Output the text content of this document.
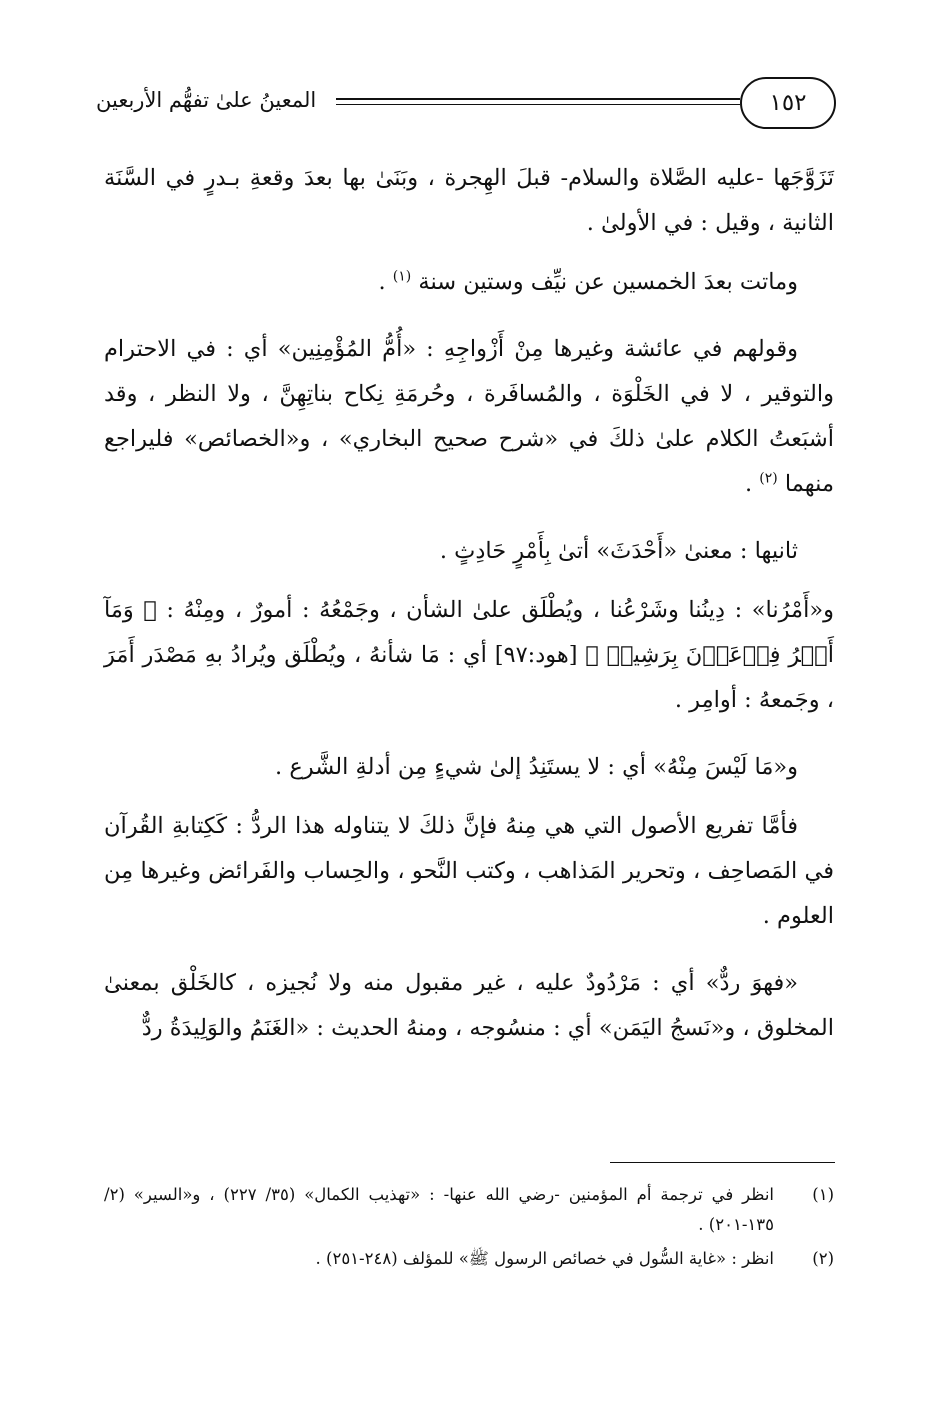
المعينُ علىٰ تفهُّم الأربعين	١٥٢

تَزَوَّجَها -عليه الصَّلاة والسلام- قبلَ الهِجرة ، وبَنَىٰ بها بعدَ وقعةِ بـدرٍ في السَّنَة الثانية ، وقيل : في الأولىٰ .

وماتت بعدَ الخمسين عن نيِّف وستين سنة $^{(١)}$ .

وقولهم في عائشة وغيرها مِنْ أَزْواجِهِ : «أُمُّ المُؤْمِنِين» أي : في الاحترام والتوقير ، لا في الخَلْوَة ، والمُسافَرة ، وحُرمَةِ نِكاح بناتِهِنَّ ، ولا النظر ، وقد أشبَعتُ الكلام علىٰ ذلكَ في «شرح صحيح البخاري» ، و«الخصائص» فليراجع منهما $^{(٢)}$ .

ثانيها : معنىٰ «أَحْدَثَ» أتىٰ بِأَمْرٍ حَادِثٍ .

و«أَمْرُنا» : دِينُنا وشَرْعُنا ، ويُطْلَق علىٰ الشأن ، وجَمْعُهُ : أمورٌ ، ومِنْهُ : ﴿ وَمَآ أَمۡرُ فِرۡعَوۡنَ بِرَشِيدٖ ﴾ [هود:٩٧] أي : مَا شأنهُ ، ويُطْلَق ويُرادُ بهِ مَصْدَر أَمَرَ ، وجَمعهُ : أوامِر .

و«مَا لَيْسَ مِنْهُ» أي : لا يستَنِدُ إلىٰ شيءٍ مِن أدلةِ الشَّرع .

فأمَّا تفريع الأصول التي هي مِنهُ فإنَّ ذلكَ لا يتناوله هذا الردُّ : كَكِتابةِ القُرآن في المَصاحِف ، وتحرير المَذاهب ، وكتب النَّحو ، والحِساب والفَرائض وغيرها مِن العلوم .

«فهوَ ردٌّ» أي : مَرْدُودٌ عليه ، غير مقبول منه ولا نُجيزه ، كالخَلْق بمعنىٰ المخلوق ، و«نَسجُ اليَمَن» أي : منسُوجه ، ومنهُ الحديث : «الغَنَمُ والوَلِيدَةُ ردٌّ

(١)
انظر في ترجمة أم المؤمنين -رضي الله عنها- : «تهذيب الكمال» (٣٥/ ٢٢٧) ، و«السير» (٢/ ١٣٥-٢٠١) .
(٢)
انظر : «غاية السُّول في خصائص الرسول ﷺ» للمؤلف (٢٤٨-٢٥١) .
